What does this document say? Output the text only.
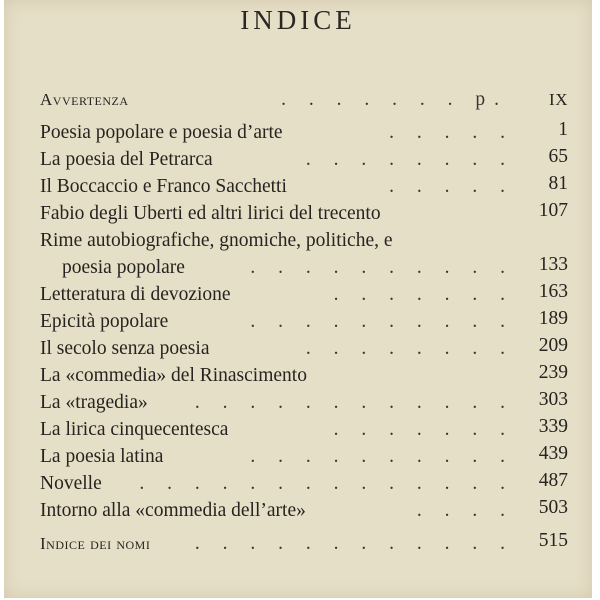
INDICE
Avvertenza	. . . . . . . p. IX
Poesia popolare e poesia d’arte	. . . . . 1
La poesia del Petrarca	. . . . . . . . 65
Il Boccaccio e Franco Sacchetti	. . . . . 81
Fabio degli Uberti ed altri lirici del trecento	107
Rime autobiografiche, gnomiche, politiche, e
poesia popolare	. . . . . . . . . . 133
Letteratura di devozione	. . . . . . . 163
Epicità popolare	. . . . . . . . . . 189
Il secolo senza poesia	. . . . . . . . 209
La «commedia» del Rinascimento	239
La «tragedia» . . . . . . . . . . . . 303
La lirica cinquecentesca	. . . . . . . 339
La poesia latina	. . . . . . . . . . 439
Novelle . . . . . . . . . . . . . . 487
Intorno alla «commedia dell’arte»	. . . . 503
Indice dei nomi . . . . . . . . . . . . 515
